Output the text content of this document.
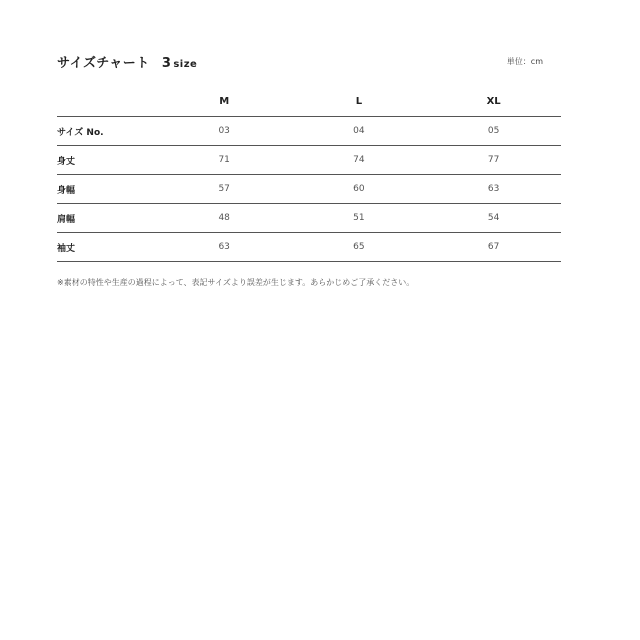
サイズチャート 3 size	単位：cm
	M	L	XL
サイズ No.	03	04	05
身丈	71	74	77
身幅	57	60	63
肩幅	48	51	54
袖丈	63	65	67
※素材の特性や生産の過程によって、表記サイズより誤差が生じます。あらかじめご了承ください。
